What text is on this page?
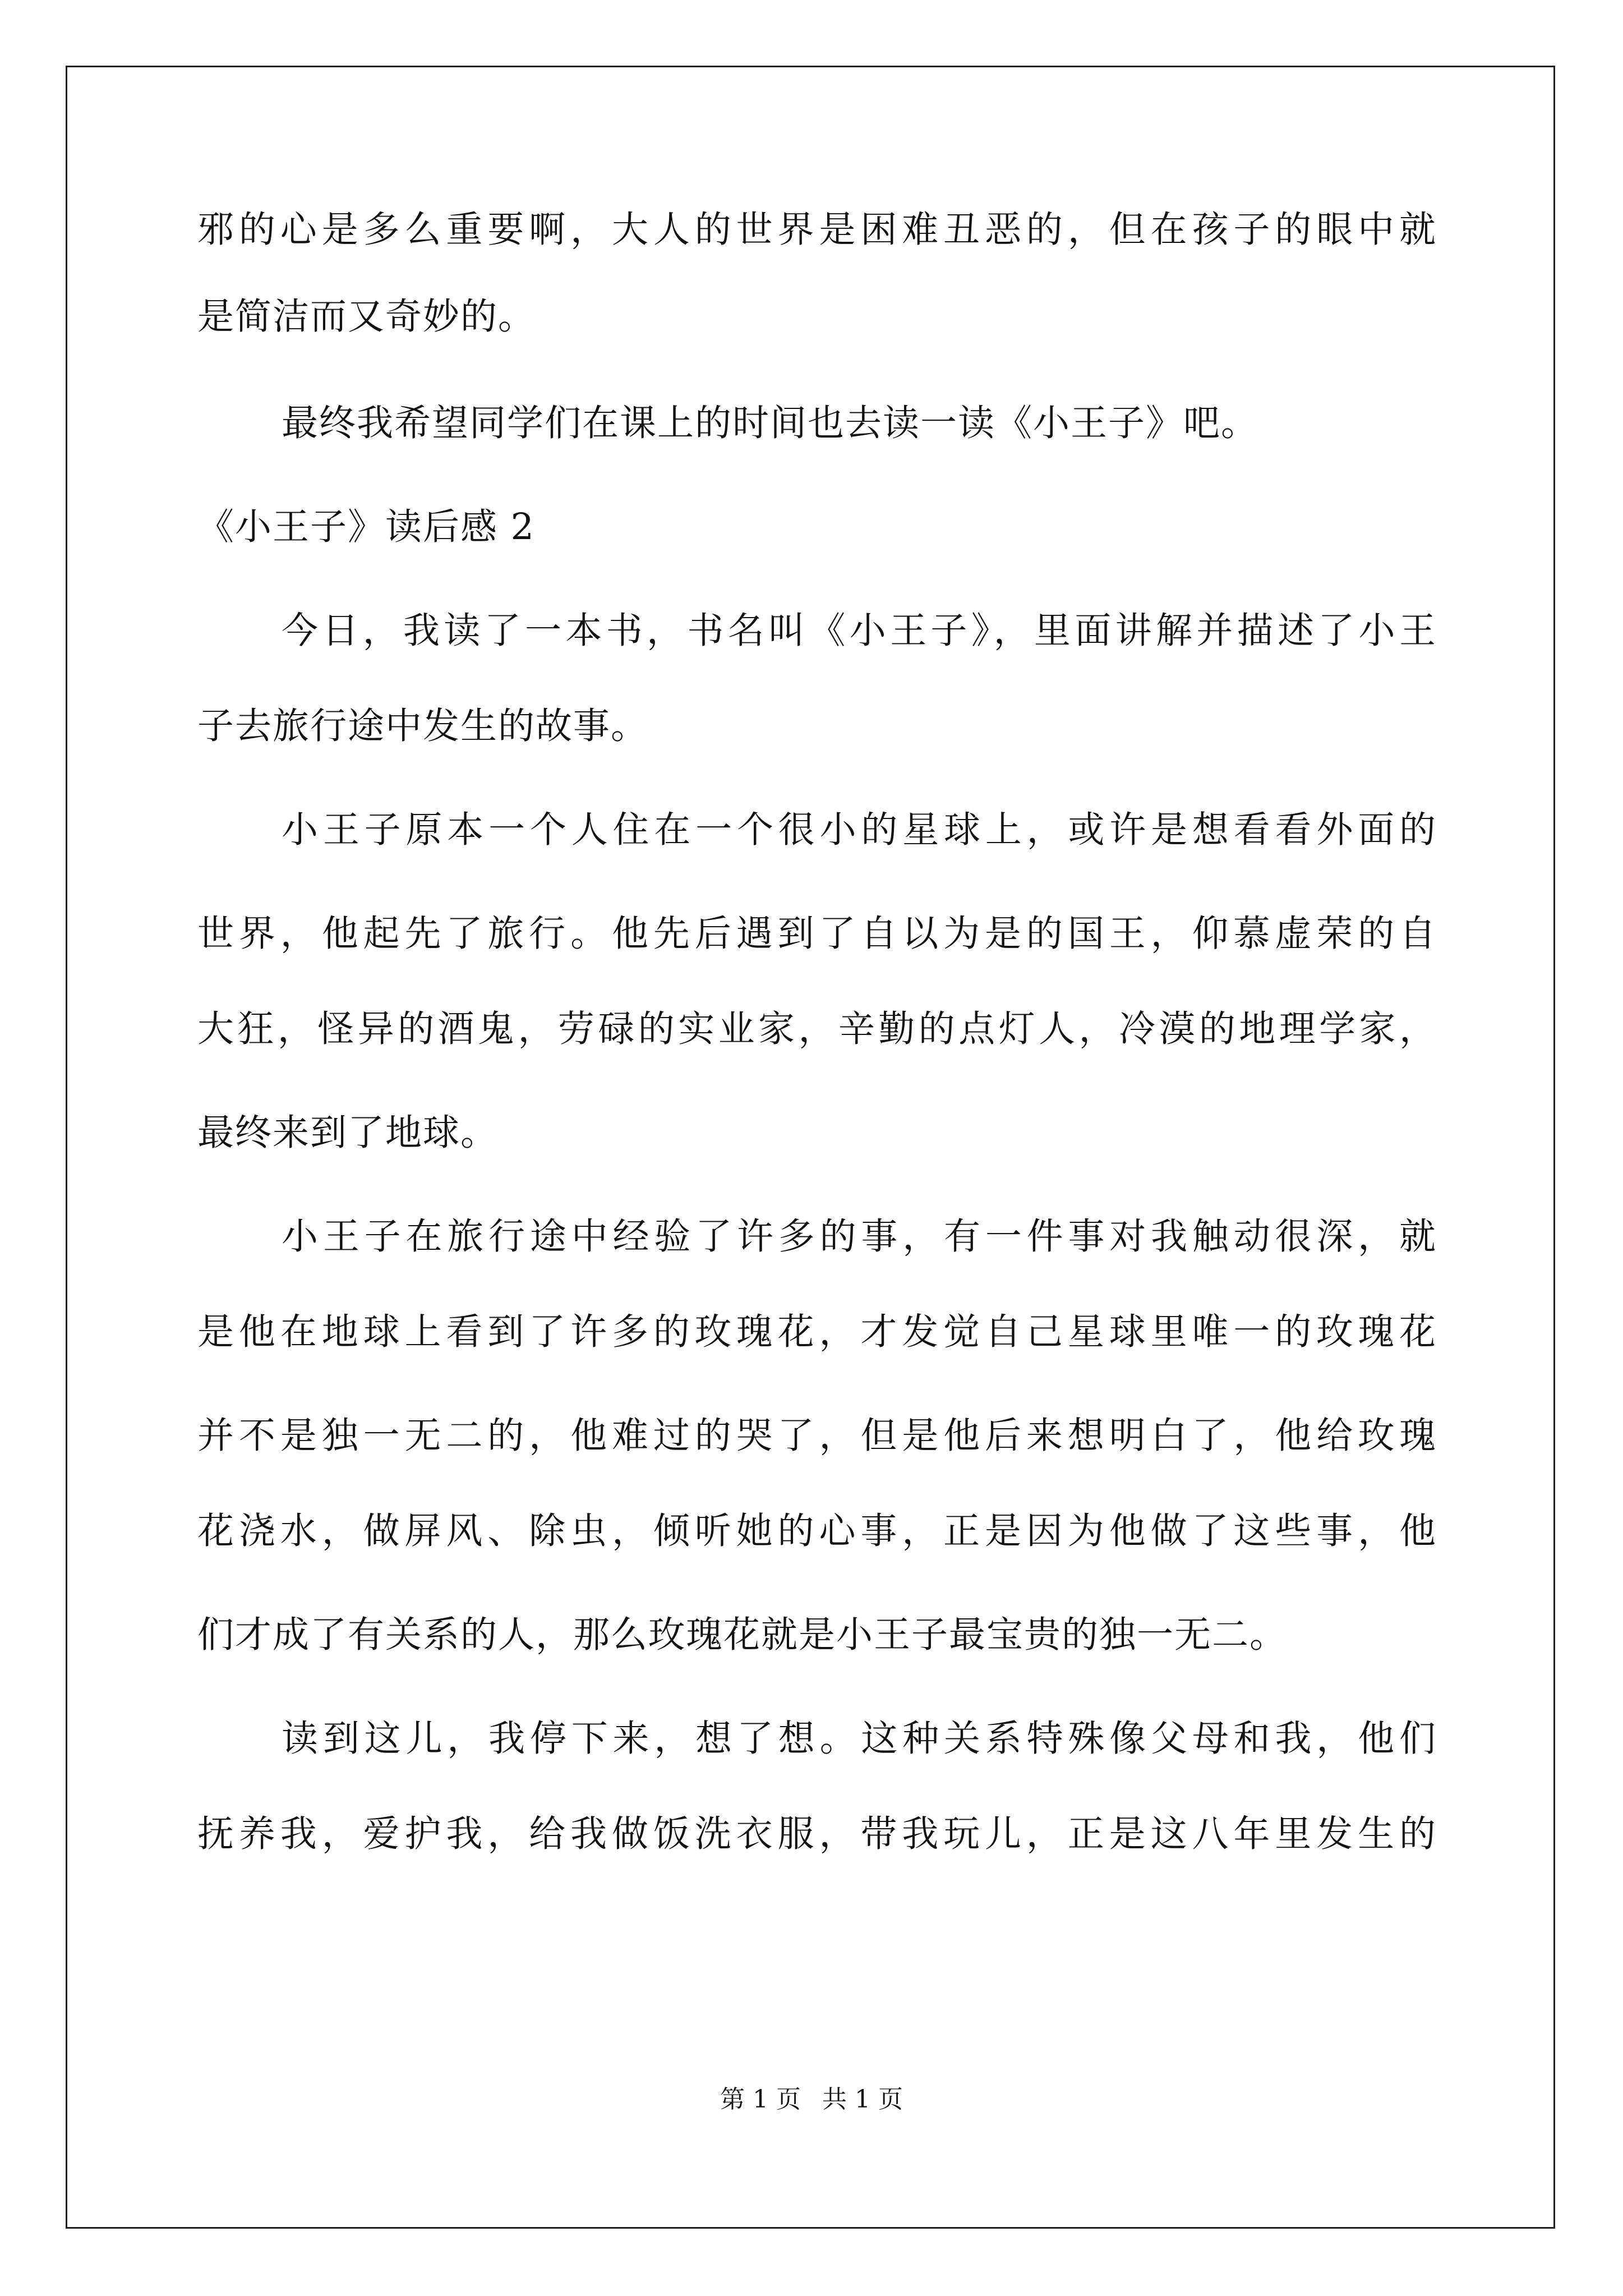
邪的心是多么重要啊，大人的世界是困难丑恶的，但在孩子的眼中就
是简洁而又奇妙的。
最终我希望同学们在课上的时间也去读一读《小王子》吧。
《小王子》读后感 2
今日，我读了一本书，书名叫《小王子》，里面讲解并描述了小王
子去旅行途中发生的故事。
小王子原本一个人住在一个很小的星球上，或许是想看看外面的
世界，他起先了旅行。他先后遇到了自以为是的国王，仰慕虚荣的自
大狂，怪异的酒鬼，劳碌的实业家，辛勤的点灯人，冷漠的地理学家，
最终来到了地球。
小王子在旅行途中经验了许多的事，有一件事对我触动很深，就
是他在地球上看到了许多的玫瑰花，才发觉自己星球里唯一的玫瑰花
并不是独一无二的，他难过的哭了，但是他后来想明白了，他给玫瑰
花浇水，做屏风、除虫，倾听她的心事，正是因为他做了这些事，他
们才成了有关系的人，那么玫瑰花就是小王子最宝贵的独一无二。
读到这儿，我停下来，想了想。这种关系特殊像父母和我，他们
抚养我，爱护我，给我做饭洗衣服，带我玩儿，正是这八年里发生的
第 1 页 共 1 页
